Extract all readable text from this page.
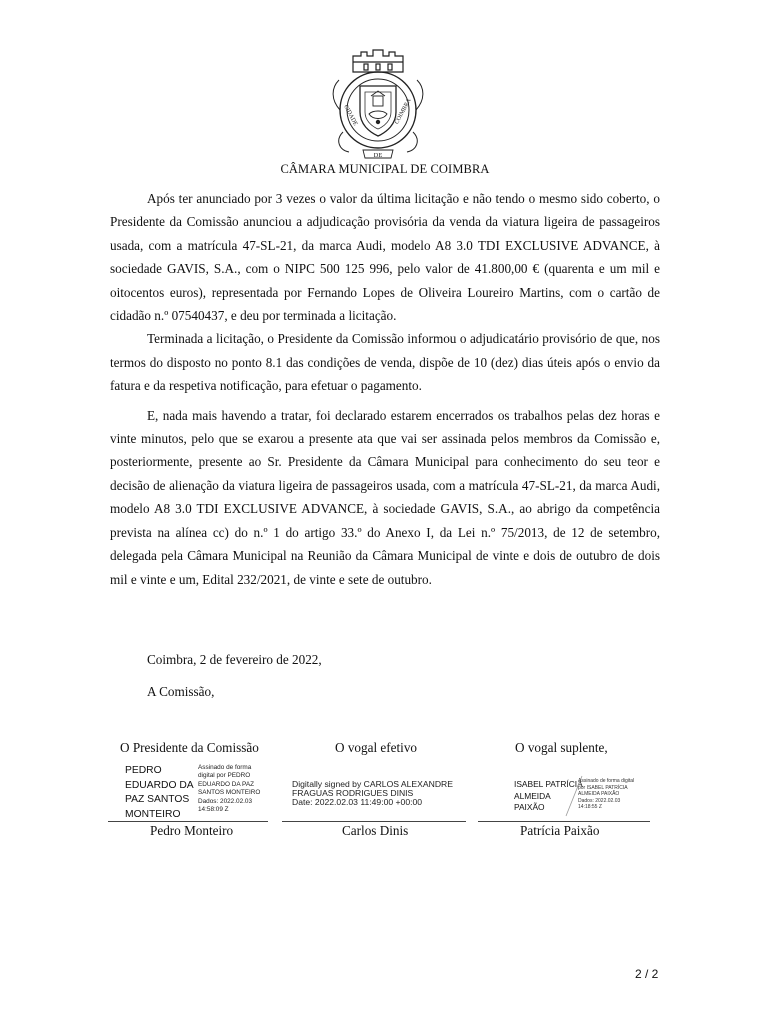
CIDADE	COIMBRA
DE
CÂMARA MUNICIPAL DE COIMBRA

Após ter anunciado por 3 vezes o valor da última licitação e não tendo o mesmo sido coberto, o Presidente da Comissão anunciou a adjudicação provisória da venda da viatura ligeira de passageiros usada, com a matrícula 47-SL-21, da marca Audi, modelo A8 3.0 TDI EXCLUSIVE ADVANCE, à sociedade GAVIS, S.A., com o NIPC 500 125 996, pelo valor de 41.800,00 € (quarenta e um mil e oitocentos euros), representada por Fernando Lopes de Oliveira Loureiro Martins, com o cartão de cidadão n.º 07540437, e deu por terminada a licitação.

Terminada a licitação, o Presidente da Comissão informou o adjudicatário provisório de que, nos termos do disposto no ponto 8.1 das condições de venda, dispõe de 10 (dez) dias úteis após o envio da fatura e da respetiva notificação, para efetuar o pagamento.

E, nada mais havendo a tratar, foi declarado estarem encerrados os trabalhos pelas dez horas e vinte minutos, pelo que se exarou a presente ata que vai ser assinada pelos membros da Comissão e, posteriormente, presente ao Sr. Presidente da Câmara Municipal para conhecimento do seu teor e decisão de alienação da viatura ligeira de passageiros usada, com a matrícula 47-SL-21, da marca Audi, modelo A8 3.0 TDI EXCLUSIVE ADVANCE, à sociedade GAVIS, S.A., ao abrigo da competência prevista na alínea cc) do n.º 1 do artigo 33.º do Anexo I, da Lei n.º 75/2013, de 12 de setembro, delegada pela Câmara Municipal na Reunião da Câmara Municipal de vinte e dois de outubro de dois mil e vinte e um, Edital 232/2021, de vinte e sete de outubro.

Coimbra, 2 de fevereiro de 2022,
A Comissão,
O Presidente da Comissão	O vogal efetivo	O vogal suplente,
PEDRO
EDUARDO DA
PAZ SANTOS
MONTEIRO
Assinado de forma
digital por PEDRO
EDUARDO DA PAZ
SANTOS MONTEIRO
Dados: 2022.02.03
14:58:09 Z
Digitally signed by CARLOS ALEXANDRE
FRAGUAS RODRIGUES DINIS
Date: 2022.02.03 11:49:00 +00:00
ISABEL PATRÍCIA
ALMEIDA
PAIXÃO
Assinado de forma digital
por ISABEL PATRÍCIA
ALMEIDA PAIXÃO
Dados: 2022.02.03
14:18:55 Z
Pedro Monteiro	Carlos Dinis	Patrícia Paixão
2 / 2
